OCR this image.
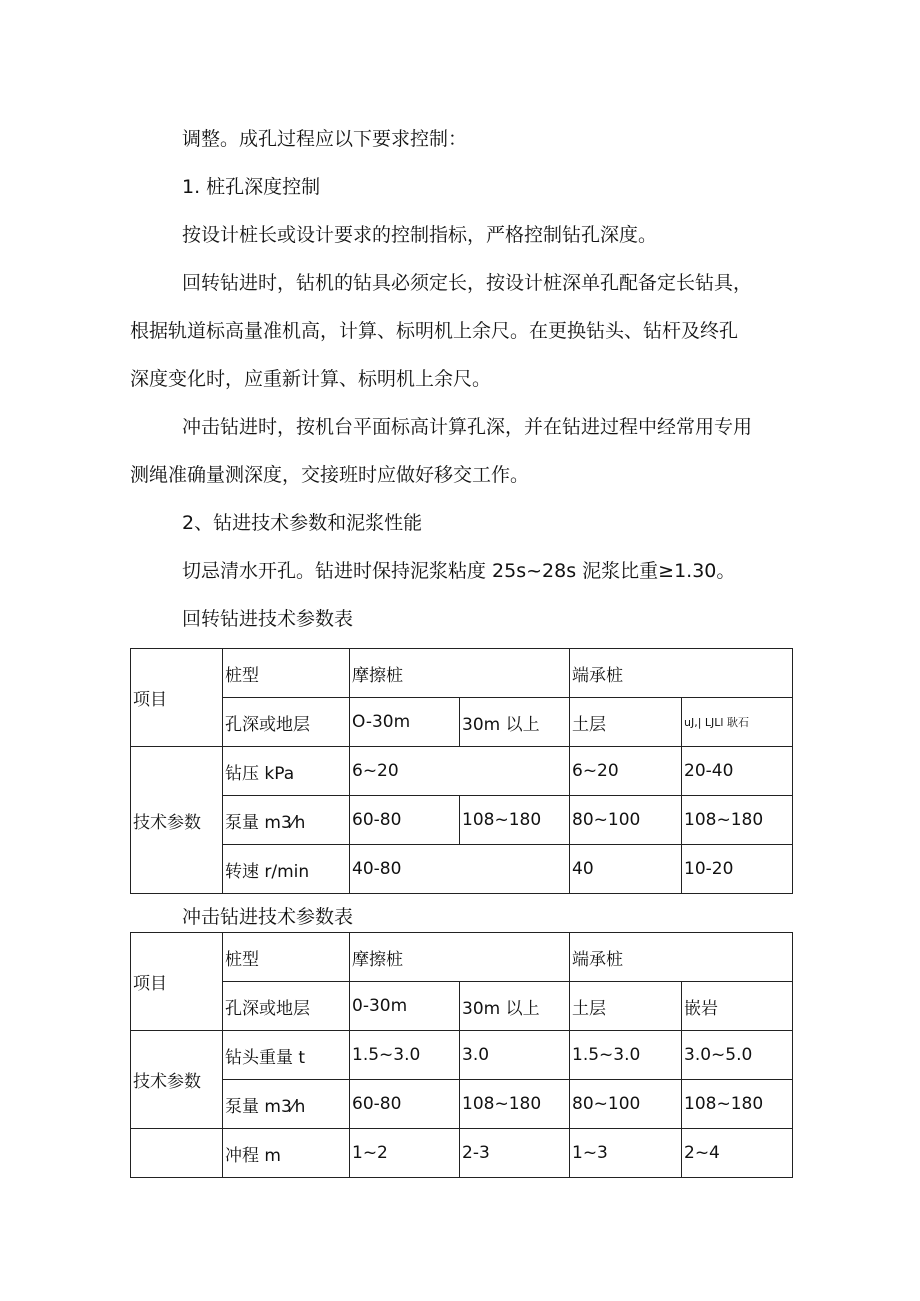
调整。成孔过程应以下要求控制：

1. 桩孔深度控制

按设计桩长或设计要求的控制指标，严格控制钻孔深度。

回转钻进时，钻机的钻具必须定长，按设计桩深单孔配备定长钻具，

根据轨道标高量准机高，计算、标明机上余尺。在更换钻头、钻杆及终孔

深度变化时，应重新计算、标明机上余尺。

冲击钻进时，按机台平面标高计算孔深，并在钻进过程中经常用专用

测绳准确量测深度，交接班时应做好移交工作。

2、钻进技术参数和泥浆性能

切忌清水开孔。钻进时保持泥浆粘度 25s~28s 泥浆比重≥1.30。

回转钻进技术参数表
项目	桩型	摩擦桩		端承桩	
	孔深或地层	O-30m	30m 以上	土层	uJ,| LJLl 耿石
技术参数	钻压 kPa	6~20		6~20	20-40
	泵量 m3⁄h	60-80	108~180	80~100	108~180
	转速 r/min	40-80		40	10-20
冲击钻进技术参数表
项目	桩型	摩擦桩		端承桩	
	孔深或地层	0-30m	30m 以上	土层	嵌岩
技术参数	钻头重量 t	1.5~3.0	3.0	1.5~3.0	3.0~5.0
	泵量 m3⁄h	60-80	108~180	80~100	108~180
	冲程 m	1~2	2-3	1~3	2~4
